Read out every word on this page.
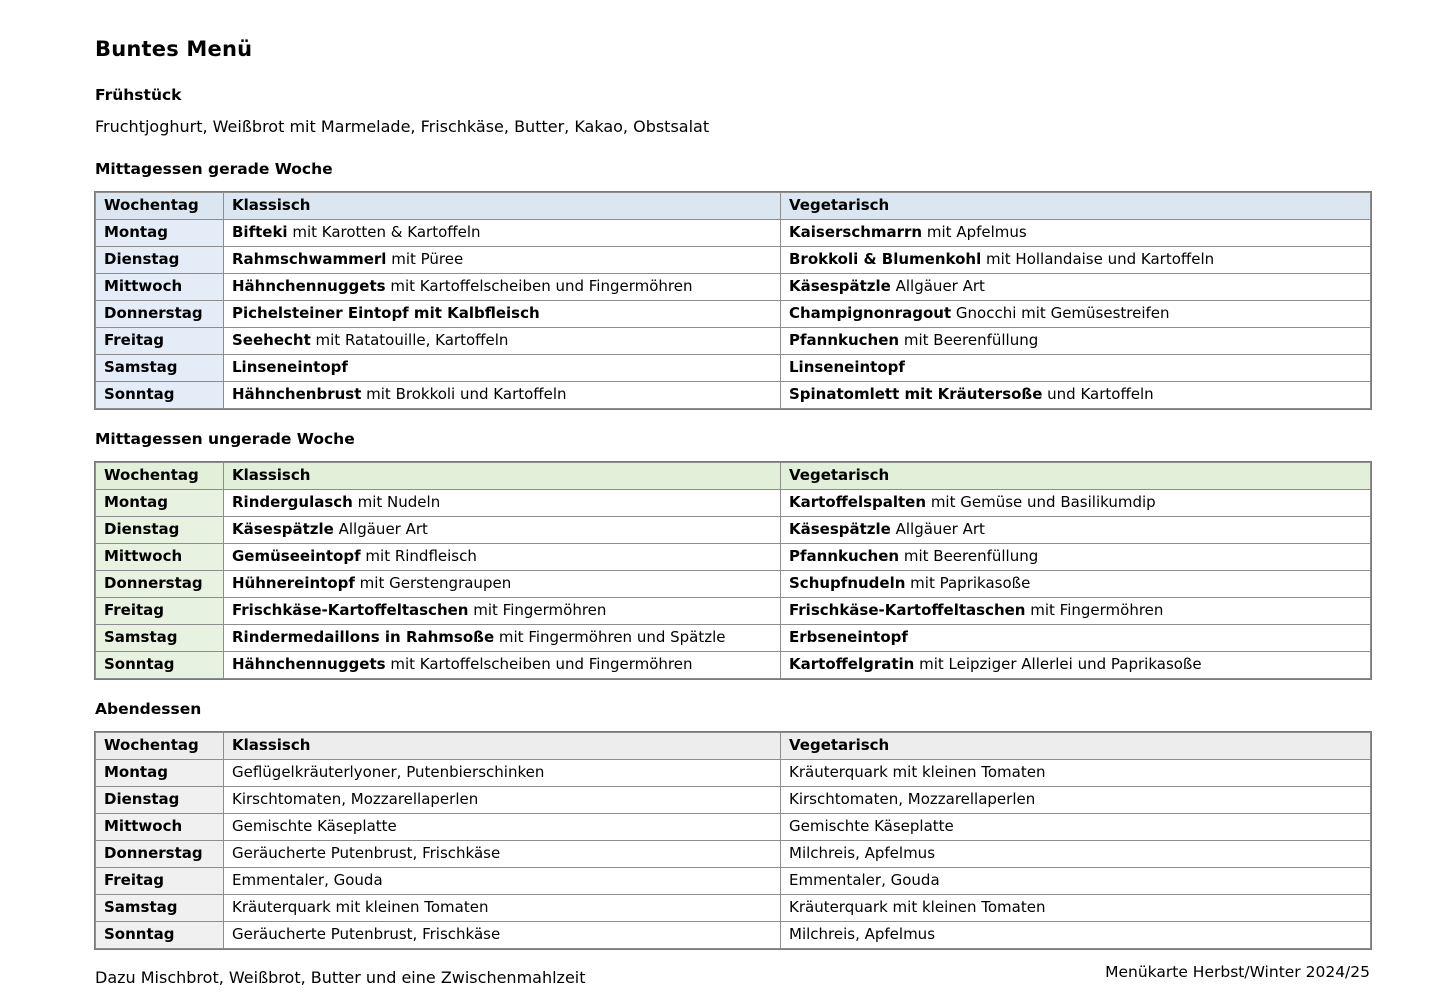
Buntes Menü
Frühstück

Fruchtjoghurt, Weißbrot mit Marmelade, Frischkäse, Butter, Kakao, Obstsalat

Mittagessen gerade Woche
Wochentag	Klassisch	Vegetarisch
Montag	Bifteki mit Karotten & Kartoffeln	Kaiserschmarrn mit Apfelmus
Dienstag	Rahmschwammerl mit Püree	Brokkoli & Blumenkohl mit Hollandaise und Kartoffeln
Mittwoch	Hähnchennuggets mit Kartoffelscheiben und Fingermöhren	Käsespätzle Allgäuer Art
Donnerstag	Pichelsteiner Eintopf mit Kalbfleisch	Champignonragout Gnocchi mit Gemüsestreifen
Freitag	Seehecht mit Ratatouille, Kartoffeln	Pfannkuchen mit Beerenfüllung
Samstag	Linseneintopf	Linseneintopf
Sonntag	Hähnchenbrust mit Brokkoli und Kartoffeln	Spinatomlett mit Kräutersoße und Kartoffeln
Mittagessen ungerade Woche
Wochentag	Klassisch	Vegetarisch
Montag	Rindergulasch mit Nudeln	Kartoffelspalten mit Gemüse und Basilikumdip
Dienstag	Käsespätzle Allgäuer Art	Käsespätzle Allgäuer Art
Mittwoch	Gemüseeintopf mit Rindfleisch	Pfannkuchen mit Beerenfüllung
Donnerstag	Hühnereintopf mit Gerstengraupen	Schupfnudeln mit Paprikasoße
Freitag	Frischkäse-Kartoffeltaschen mit Fingermöhren	Frischkäse-Kartoffeltaschen mit Fingermöhren
Samstag	Rindermedaillons in Rahmsoße mit Fingermöhren und Spätzle	Erbseneintopf
Sonntag	Hähnchennuggets mit Kartoffelscheiben und Fingermöhren	Kartoffelgratin mit Leipziger Allerlei und Paprikasoße
Abendessen
Wochentag	Klassisch	Vegetarisch
Montag	Geflügelkräuterlyoner, Putenbierschinken	Kräuterquark mit kleinen Tomaten
Dienstag	Kirschtomaten, Mozzarellaperlen	Kirschtomaten, Mozzarellaperlen
Mittwoch	Gemischte Käseplatte	Gemischte Käseplatte
Donnerstag	Geräucherte Putenbrust, Frischkäse	Milchreis, Apfelmus
Freitag	Emmentaler, Gouda	Emmentaler, Gouda
Samstag	Kräuterquark mit kleinen Tomaten	Kräuterquark mit kleinen Tomaten
Sonntag	Geräucherte Putenbrust, Frischkäse	Milchreis, Apfelmus

Dazu Mischbrot, Weißbrot, Butter und eine Zwischenmahlzeit	Menükarte Herbst/Winter 2024/25
